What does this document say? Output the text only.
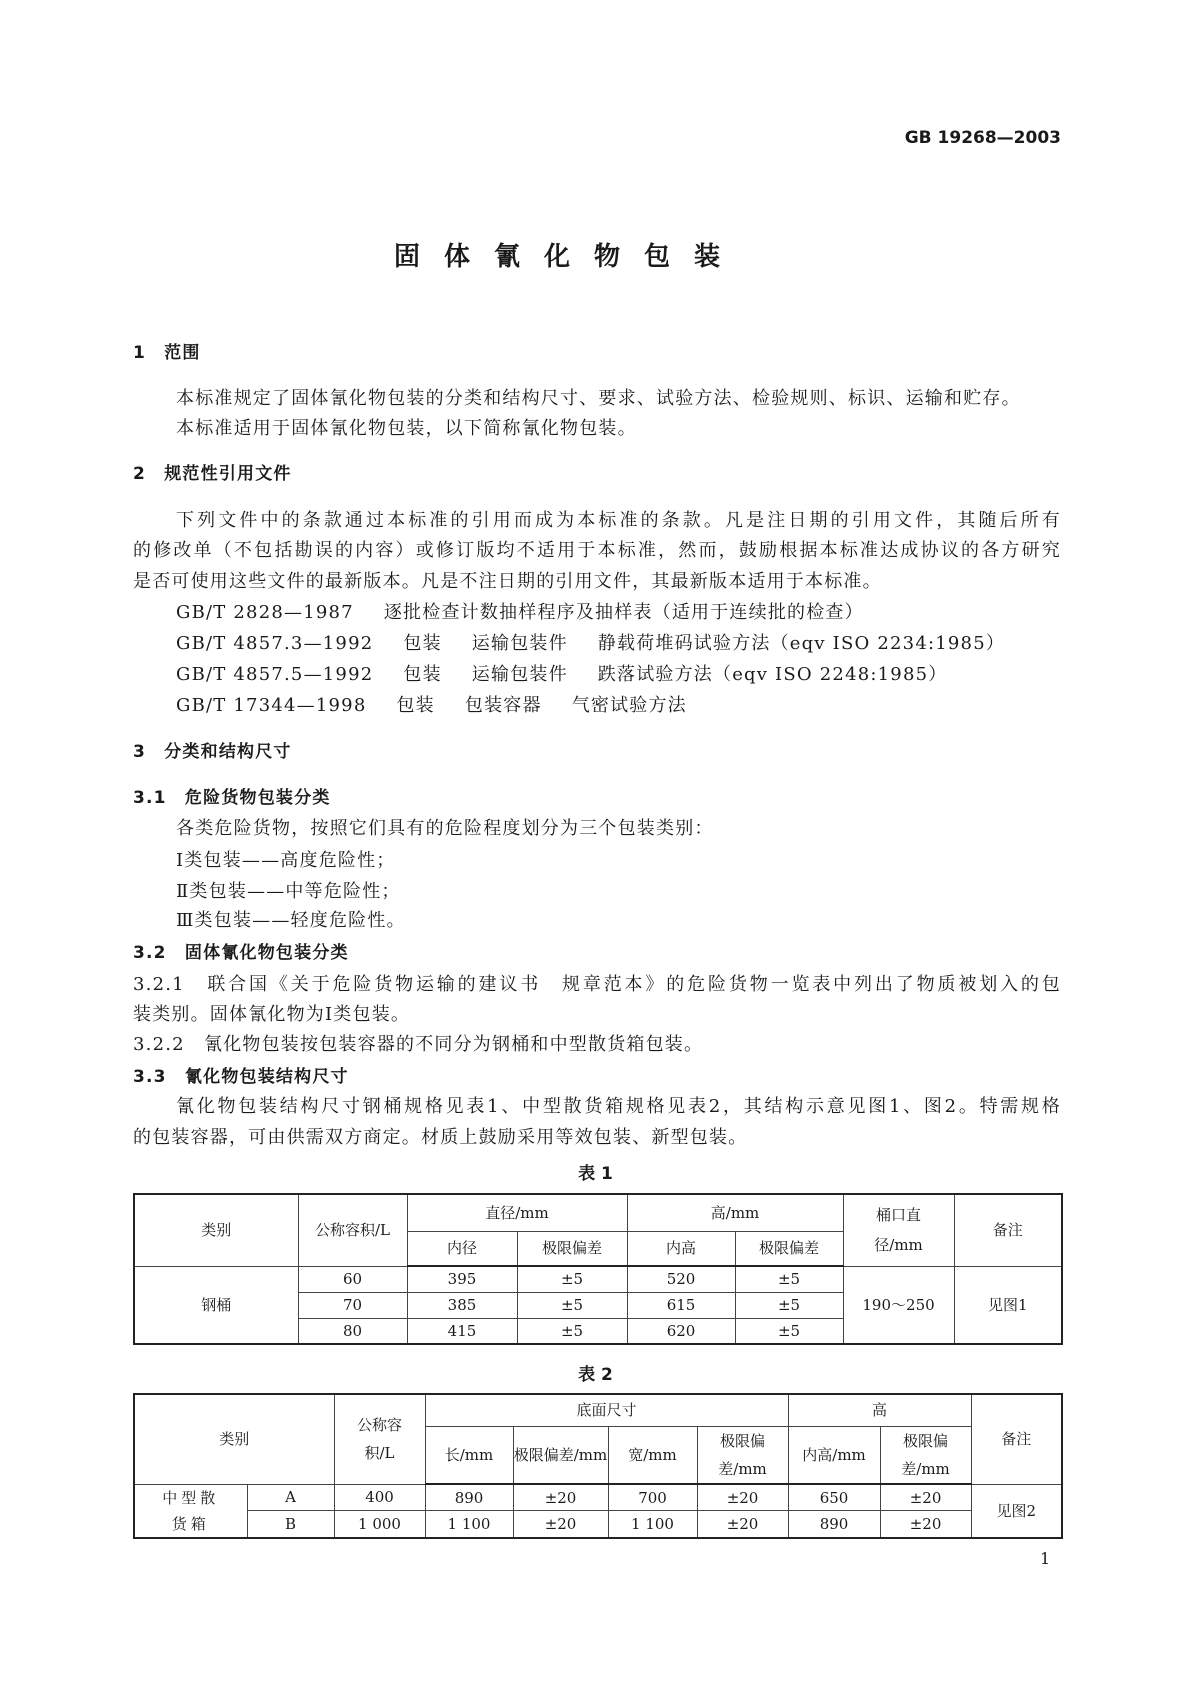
GB 19268—2003
固体氰化物包装
1　范围
本标准规定了固体氰化物包装的分类和结构尺寸、要求、试验方法、检验规则、标识、运输和贮存。
本标准适用于固体氰化物包装，以下简称氰化物包装。
2　规范性引用文件
下列文件中的条款通过本标准的引用而成为本标准的条款。凡是注日期的引用文件，其随后所有
的修改单（不包括勘误的内容）或修订版均不适用于本标准，然而，鼓励根据本标准达成协议的各方研究
是否可使用这些文件的最新版本。凡是不注日期的引用文件，其最新版本适用于本标准。
GB/T 2828—1987 逐批检查计数抽样程序及抽样表（适用于连续批的检查）
GB/T 4857.3—1992 包装 运输包装件 静载荷堆码试验方法（eqv ISO 2234:1985）
GB/T 4857.5—1992 包装 运输包装件 跌落试验方法（eqv ISO 2248:1985）
GB/T 17344—1998 包装 包装容器 气密试验方法
3　分类和结构尺寸
3.1　危险货物包装分类
各类危险货物，按照它们具有的危险程度划分为三个包装类别：
Ⅰ类包装——高度危险性；
Ⅱ类包装——中等危险性；
Ⅲ类包装——轻度危险性。
3.2　固体氰化物包装分类
3.2.1　联合国《关于危险货物运输的建议书　规章范本》的危险货物一览表中列出了物质被划入的包
装类别。固体氰化物为Ⅰ类包装。
3.2.2　氰化物包装按包装容器的不同分为钢桶和中型散货箱包装。
3.3　氰化物包装结构尺寸
氰化物包装结构尺寸钢桶规格见表1、中型散货箱规格见表2，其结构示意见图1、图2。特需规格
的包装容器，可由供需双方商定。材质上鼓励采用等效包装、新型包装。
表 1
类别	公称容积/L	直径/mm		高/mm		桶口直径/mm	备注
		内径	极限偏差	内高	极限偏差		
钢桶	60	395	±5	520	±5	190～250	见图1
	70	385	±5	615	±5		
	80	415	±5	620	±5		
表 2
类别		公称容积/L	底面尺寸				高		备注
			长/mm	极限偏差/mm	宽/mm	极限偏差/mm	内高/mm	极限偏差/mm	
中型散货箱	A	400	890	±20	700	±20	650	±20	见图2
	B	1 000	1 100	±20	1 100	±20	890	±20	
1
